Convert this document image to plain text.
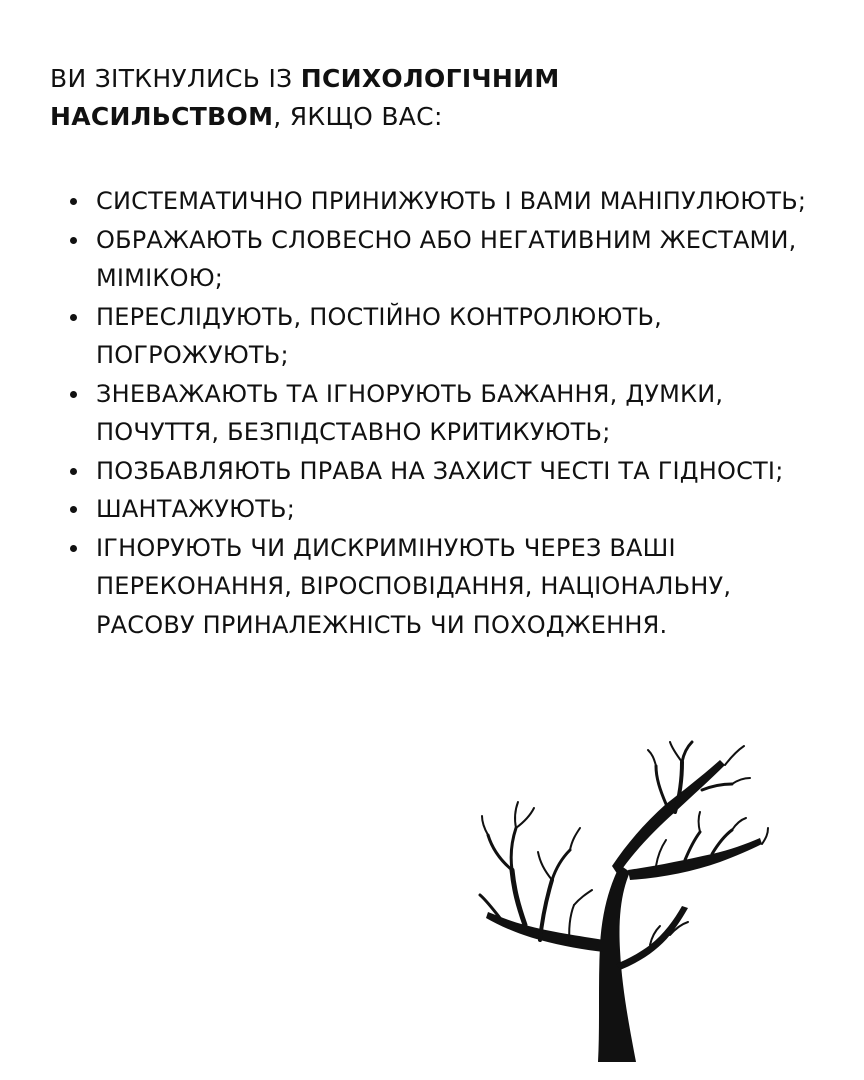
ВИ ЗІТКНУЛИСЬ ІЗ ПСИХОЛОГІЧНИМ
НАСИЛЬСТВОМ, ЯКЩО ВАС:

СИСТЕМАТИЧНО ПРИНИЖУЮТЬ І ВАМИ МАНІПУЛЮЮТЬ;
ОБРАЖАЮТЬ СЛОВЕСНО АБО НЕГАТИВНИМ ЖЕСТАМИ, МІМІКОЮ;
ПЕРЕСЛІДУЮТЬ, ПОСТІЙНО КОНТРОЛЮЮТЬ, ПОГРОЖУЮТЬ;
ЗНЕВАЖАЮТЬ ТА ІГНОРУЮТЬ БАЖАННЯ, ДУМКИ, ПОЧУТТЯ, БЕЗПІДСТАВНО КРИТИКУЮТЬ;
ПОЗБАВЛЯЮТЬ ПРАВА НА ЗАХИСТ ЧЕСТІ ТА ГІДНОСТІ;
ШАНТАЖУЮТЬ;
ІГНОРУЮТЬ ЧИ ДИСКРИМІНУЮТЬ ЧЕРЕЗ ВАШІ ПЕРЕКОНАННЯ, ВІРОСПОВІДАННЯ, НАЦІОНАЛЬНУ, РАСОВУ ПРИНАЛЕЖНІСТЬ ЧИ ПОХОДЖЕННЯ.
